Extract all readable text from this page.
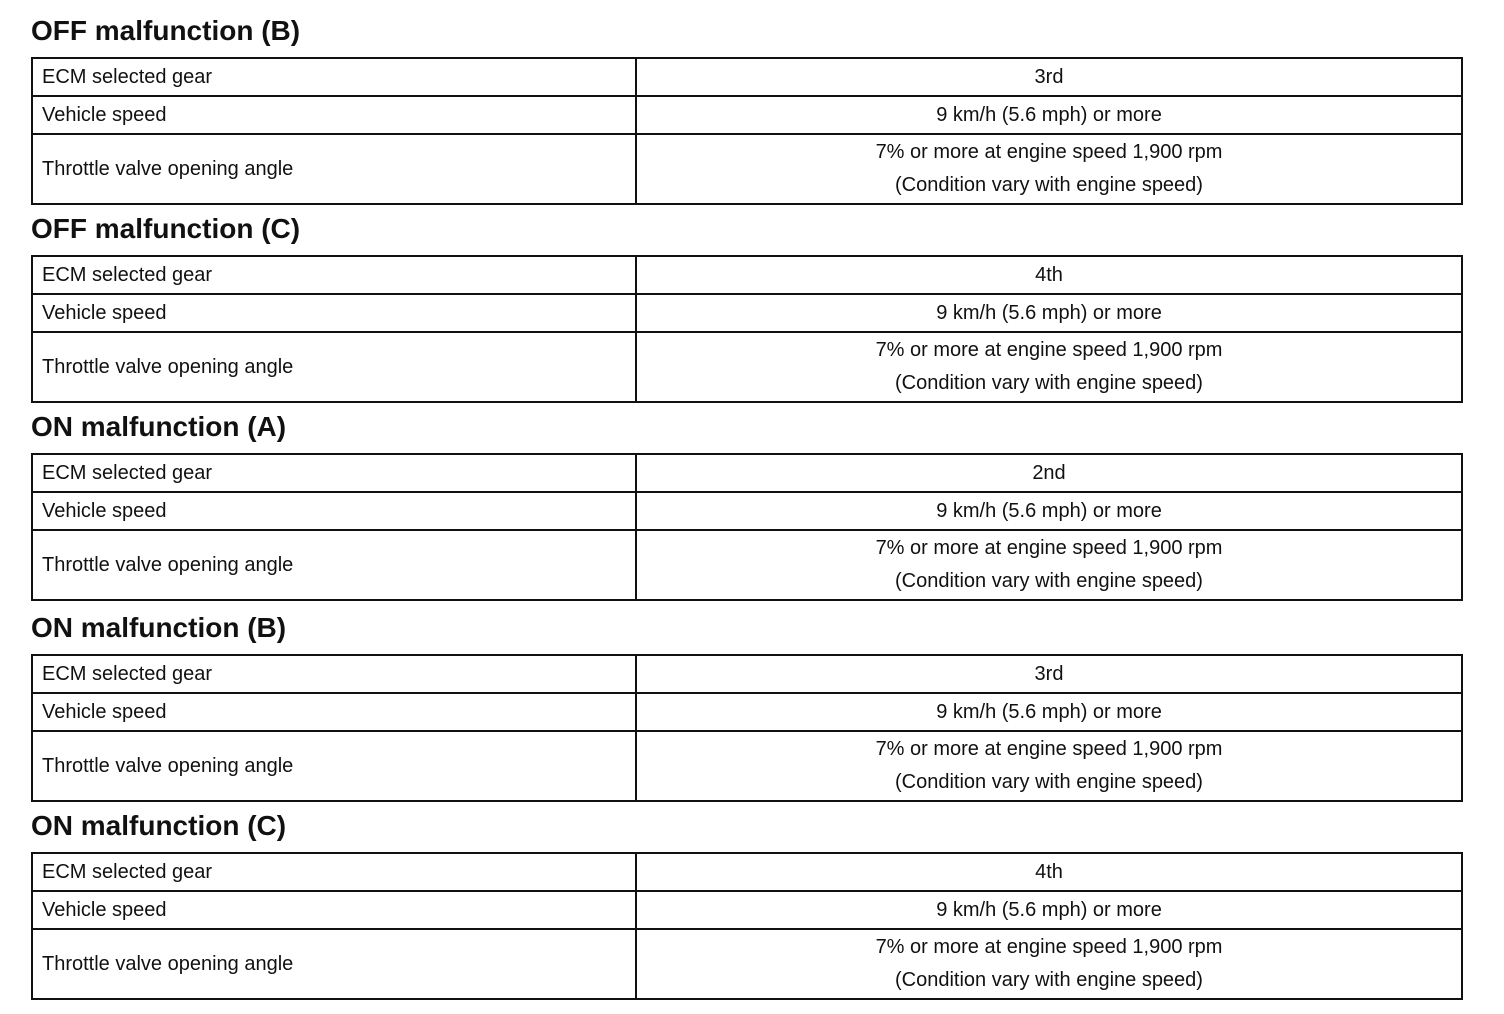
OFF malfunction (B)
ECM selected gear	3rd
Vehicle speed	9 km/h (5.6 mph) or more
Throttle valve opening angle	7% or more at engine speed 1,900 rpm
(Condition vary with engine speed)
OFF malfunction (C)
ECM selected gear	4th
Vehicle speed	9 km/h (5.6 mph) or more
Throttle valve opening angle	7% or more at engine speed 1,900 rpm
(Condition vary with engine speed)
ON malfunction (A)
ECM selected gear	2nd
Vehicle speed	9 km/h (5.6 mph) or more
Throttle valve opening angle	7% or more at engine speed 1,900 rpm
(Condition vary with engine speed)
ON malfunction (B)
ECM selected gear	3rd
Vehicle speed	9 km/h (5.6 mph) or more
Throttle valve opening angle	7% or more at engine speed 1,900 rpm
(Condition vary with engine speed)
ON malfunction (C)
ECM selected gear	4th
Vehicle speed	9 km/h (5.6 mph) or more
Throttle valve opening angle	7% or more at engine speed 1,900 rpm
(Condition vary with engine speed)
